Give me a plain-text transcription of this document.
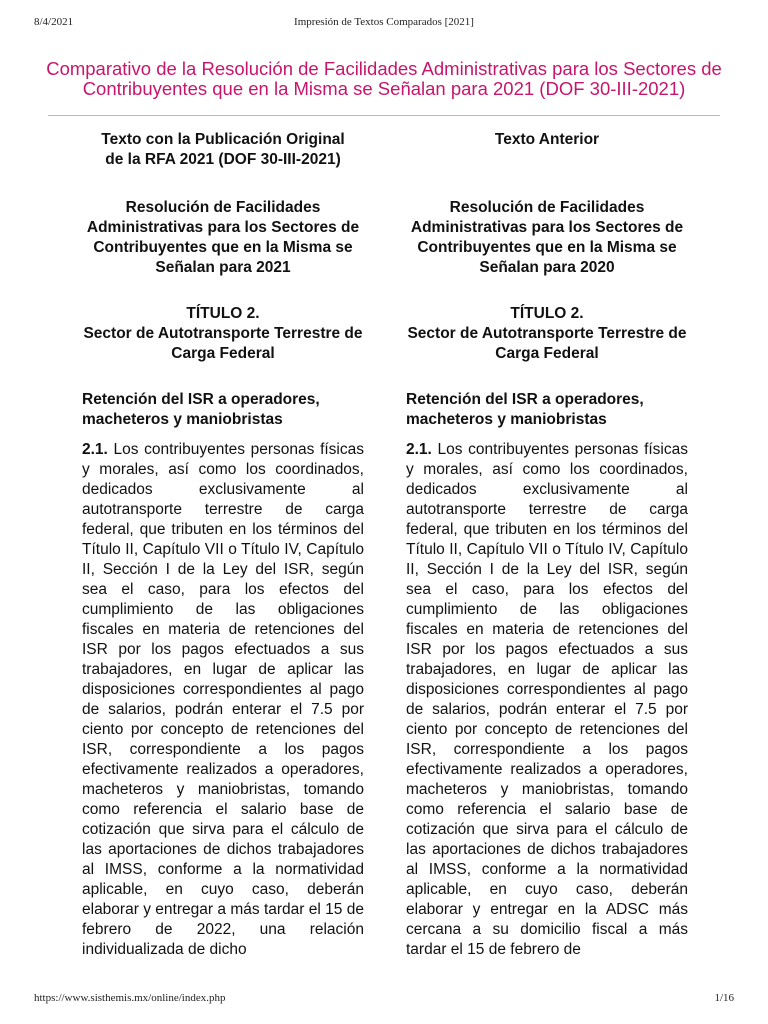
8/4/2021	Impresión de Textos Comparados [2021]
Comparativo de la Resolución de Facilidades Administrativas para los Sectores de Contribuyentes que en la Misma se Señalan para 2021 (DOF 30-III-2021)

Texto con la Publicación Original

de la RFA 2021 (DOF 30-III-2021)

Resolución de Facilidades Administrativas para los Sectores de Contribuyentes que en la Misma se Señalan para 2021

TÍTULO 2.

Sector de Autotransporte Terrestre de Carga Federal

Retención del ISR a operadores, macheteros y maniobristas

2.1. Los contribuyentes personas físicas y morales, así como los coordinados, dedicados exclusivamente al autotransporte terrestre de carga federal, que tributen en los términos del Título II, Capítulo VII o Título IV, Capítulo II, Sección I de la Ley del ISR, según sea el caso, para los efectos del cumplimiento de las obligaciones fiscales en materia de retenciones del ISR por los pagos efectuados a sus trabajadores, en lugar de aplicar las disposiciones correspondientes al pago de salarios, podrán enterar el 7.5 por ciento por concepto de retenciones del ISR, correspondiente a los pagos efectivamente realizados a operadores, macheteros y maniobristas, tomando como referencia el salario base de cotización que sirva para el cálculo de las aportaciones de dichos trabajadores al IMSS, conforme a la normatividad aplicable, en cuyo caso, deberán elaborar y entregar a más tardar el 15 de febrero de 2022, una relación individualizada de dicho

Texto Anterior

Resolución de Facilidades Administrativas para los Sectores de Contribuyentes que en la Misma se Señalan para 2020

TÍTULO 2.

Sector de Autotransporte Terrestre de Carga Federal

Retención del ISR a operadores, macheteros y maniobristas

2.1. Los contribuyentes personas físicas y morales, así como los coordinados, dedicados exclusivamente al autotransporte terrestre de carga federal, que tributen en los términos del Título II, Capítulo VII o Título IV, Capítulo II, Sección I de la Ley del ISR, según sea el caso, para los efectos del cumplimiento de las obligaciones fiscales en materia de retenciones del ISR por los pagos efectuados a sus trabajadores, en lugar de aplicar las disposiciones correspondientes al pago de salarios, podrán enterar el 7.5 por ciento por concepto de retenciones del ISR, correspondiente a los pagos efectivamente realizados a operadores, macheteros y maniobristas, tomando como referencia el salario base de cotización que sirva para el cálculo de las aportaciones de dichos trabajadores al IMSS, conforme a la normatividad aplicable, en cuyo caso, deberán elaborar y entregar en la ADSC más cercana a su domicilio fiscal a más tardar el 15 de febrero de

https://www.sisthemis.mx/online/index.php	1/16
